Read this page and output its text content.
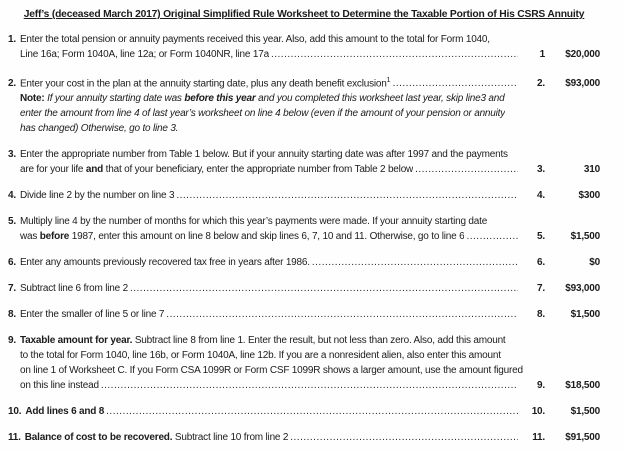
Jeff’s (deceased March 2017) Original Simplified Rule Worksheet to Determine the Taxable Portion of His CSRS Annuity
1. Enter the total pension or annuity payments received this year. Also, add this amount to the total for Form 1040,
Line 16a; Form 1040A, line 12a; or Form 1040NR, line 17a .....	1	$20,000
2. Enter your cost in the plan at the annuity starting date, plus any death benefit exclusion$^1$ .....	2.	$93,000
Note: If your annuity starting date was before this year and you completed this worksheet last year, skip line3 and
enter the amount from line 4 of last year’s worksheet on line 4 below (even if the amount of your pension or annuity
has changed) Otherwise, go to line 3.
3. Enter the appropriate number from Table 1 below. But if your annuity starting date was after 1997 and the payments
are for your life and that of your beneficiary, enter the appropriate number from Table 2 below .....	3.	310
4. Divide line 2 by the number on line 3 .....	4.	$300
5. Multiply line 4 by the number of months for which this year’s payments were made. If your annuity starting date
was before 1987, enter this amount on line 8 below and skip lines 6, 7, 10 and 11. Otherwise, go to line 6 .....	5.	$1,500
6. Enter any amounts previously recovered tax free in years after 1986. .....	6.	$0
7. Subtract line 6 from line 2 .....	7.	$93,000
8. Enter the smaller of line 5 or line 7 .....	8.	$1,500
9. Taxable amount for year. Subtract line 8 from line 1. Enter the result, but not less than zero. Also, add this amount
to the total for Form 1040, line 16b, or Form 1040A, line 12b. If you are a nonresident alien, also enter this amount
on line 1 of Worksheet C. If you Form CSA 1099R or Form CSF 1099R shows a larger amount, use the amount figured
on this line instead .....	9.	$18,500
10. Add lines 6 and 8 .....	10.	$1,500
11. Balance of cost to be recovered. Subtract line 10 from line 2 .....	11.	$91,500
